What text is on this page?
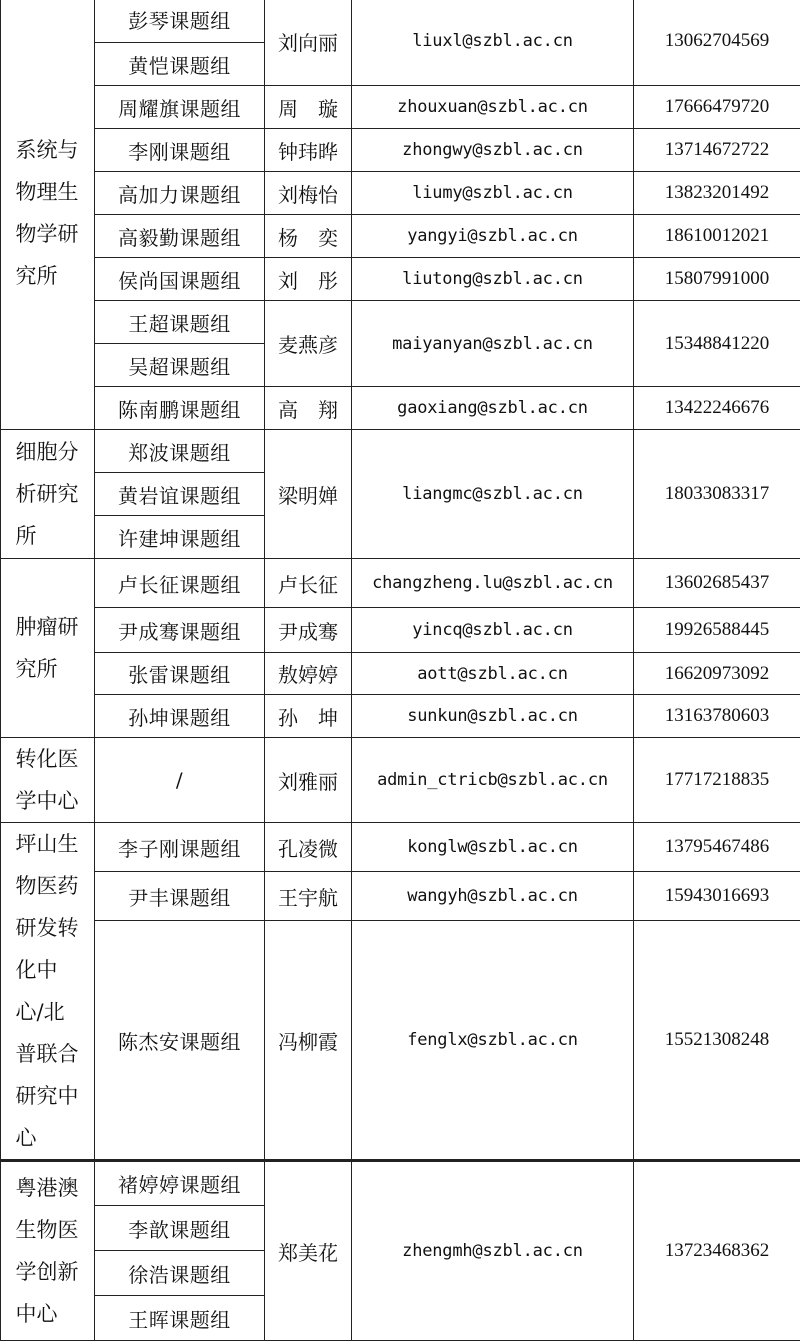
系统与物理生物学研究所	彭琴课题组	刘向丽	liuxl@szbl.ac.cn	13062704569
	黄恺课题组			
	周耀旗课题组	周　璇	zhouxuan@szbl.ac.cn	17666479720
	李刚课题组	钟玮晔	zhongwy@szbl.ac.cn	13714672722
	高加力课题组	刘梅怡	liumy@szbl.ac.cn	13823201492
	高毅勤课题组	杨　奕	yangyi@szbl.ac.cn	18610012021
	侯尚国课题组	刘　彤	liutong@szbl.ac.cn	15807991000
	王超课题组	麦燕彦	maiyanyan@szbl.ac.cn	15348841220
	吴超课题组			
	陈南鹏课题组	高　翔	gaoxiang@szbl.ac.cn	13422246676
细胞分析研究所	郑波课题组	梁明婵	liangmc@szbl.ac.cn	18033083317
	黄岩谊课题组			
	许建坤课题组			
肿瘤研究所	卢长征课题组	卢长征	changzheng.lu@szbl.ac.cn	13602685437
	尹成骞课题组	尹成骞	yincq@szbl.ac.cn	19926588445
	张雷课题组	敖婷婷	aott@szbl.ac.cn	16620973092
	孙坤课题组	孙　坤	sunkun@szbl.ac.cn	13163780603
转化医学中心	/	刘雅丽	admin_ctricb@szbl.ac.cn	17717218835
坪山生物医药研发转化中心/北普联合研究中心	李子刚课题组	孔凌微	konglw@szbl.ac.cn	13795467486
	尹丰课题组	王宇航	wangyh@szbl.ac.cn	15943016693
	陈杰安课题组	冯柳霞	fenglx@szbl.ac.cn	15521308248
粤港澳生物医学创新中心	褚婷婷课题组	郑美花	zhengmh@szbl.ac.cn	13723468362
	李歆课题组			
	徐浩课题组			
	王晖课题组			
